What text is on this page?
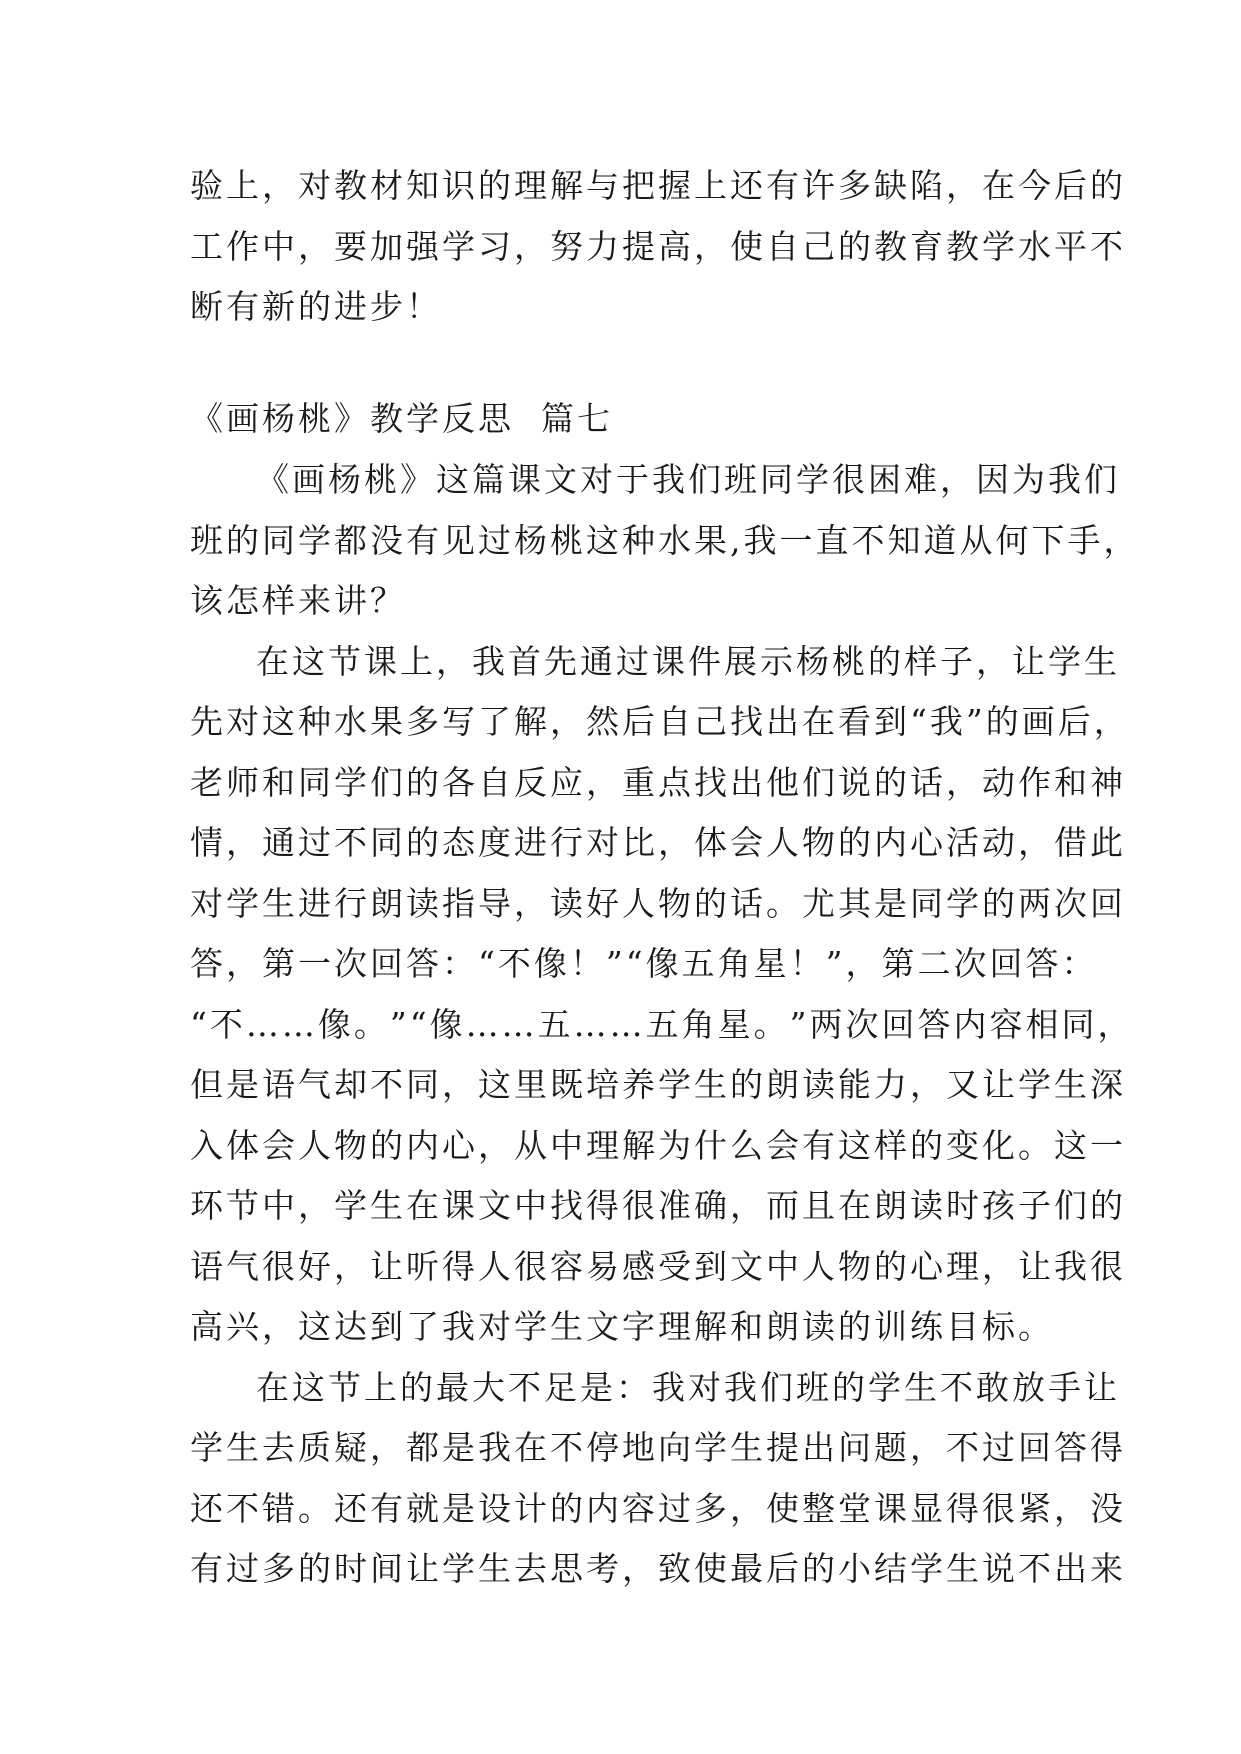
验 上 ， 对 教 材 知 识 的 理 解 与 把 握 上 还 有 许 多 缺 陷 ， 在 今 后 的
工 作 中 ， 要 加 强 学 习 ， 努 力 提 高 ， 使 自 己 的 教 育 教 学 水 平 不
断有新的进步！
《画杨桃》教学反思  篇七
《 画 杨 桃 》 这 篇 课 文 对 于 我 们 班 同 学 很 困 难 ， 因 为 我 们
班 的 同 学 都 没 有 见 过 杨 桃 这 种 水 果 , 我 一 直 不 知 道 从 何 下 手 ，
该怎样来讲？
在 这 节 课 上 ， 我 首 先 通 过 课 件 展 示 杨 桃 的 样 子 ， 让 学 生
先 对 这 种 水 果 多 写 了 解 ， 然 后 自 己 找 出 在 看 到 “ 我 ” 的 画 后 ，
老 师 和 同 学 们 的 各 自 反 应 ， 重 点 找 出 他 们 说 的 话 ， 动 作 和 神
情 ， 通 过 不 同 的 态 度 进 行 对 比 ， 体 会 人 物 的 内 心 活 动 ， 借 此
对 学 生 进 行 朗 读 指 导 ， 读 好 人 物 的 话 。 尤 其 是 同 学 的 两 次 回
答 ， 第 一 次 回 答 ： “ 不 像 ！ ” “ 像 五 角 星 ！ ” ， 第 二 次 回 答 ：
“ 不 … … 像 。 ” “ 像 … … 五 … … 五 角 星 。 ” 两 次 回 答 内 容 相 同 ，
但 是 语 气 却 不 同 ， 这 里 既 培 养 学 生 的 朗 读 能 力 ， 又 让 学 生 深
入 体 会 人 物 的 内 心 ， 从 中 理 解 为 什 么 会 有 这 样 的 变 化 。 这 一
环 节 中 ， 学 生 在 课 文 中 找 得 很 准 确 ， 而 且 在 朗 读 时 孩 子 们 的
语 气 很 好 ， 让 听 得 人 很 容 易 感 受 到 文 中 人 物 的 心 理 ， 让 我 很
高兴，这达到了我对学生文字理解和朗读的训练目标。
在 这 节 上 的 最 大 不 足 是 ： 我 对 我 们 班 的 学 生 不 敢 放 手 让
学 生 去 质 疑 ， 都 是 我 在 不 停 地 向 学 生 提 出 问 题 ， 不 过 回 答 得
还 不 错 。 还 有 就 是 设 计 的 内 容 过 多 ， 使 整 堂 课 显 得 很 紧 ， 没
有 过 多 的 时 间 让 学 生 去 思 考 ， 致 使 最 后 的 小 结 学 生 说 不 出 来
